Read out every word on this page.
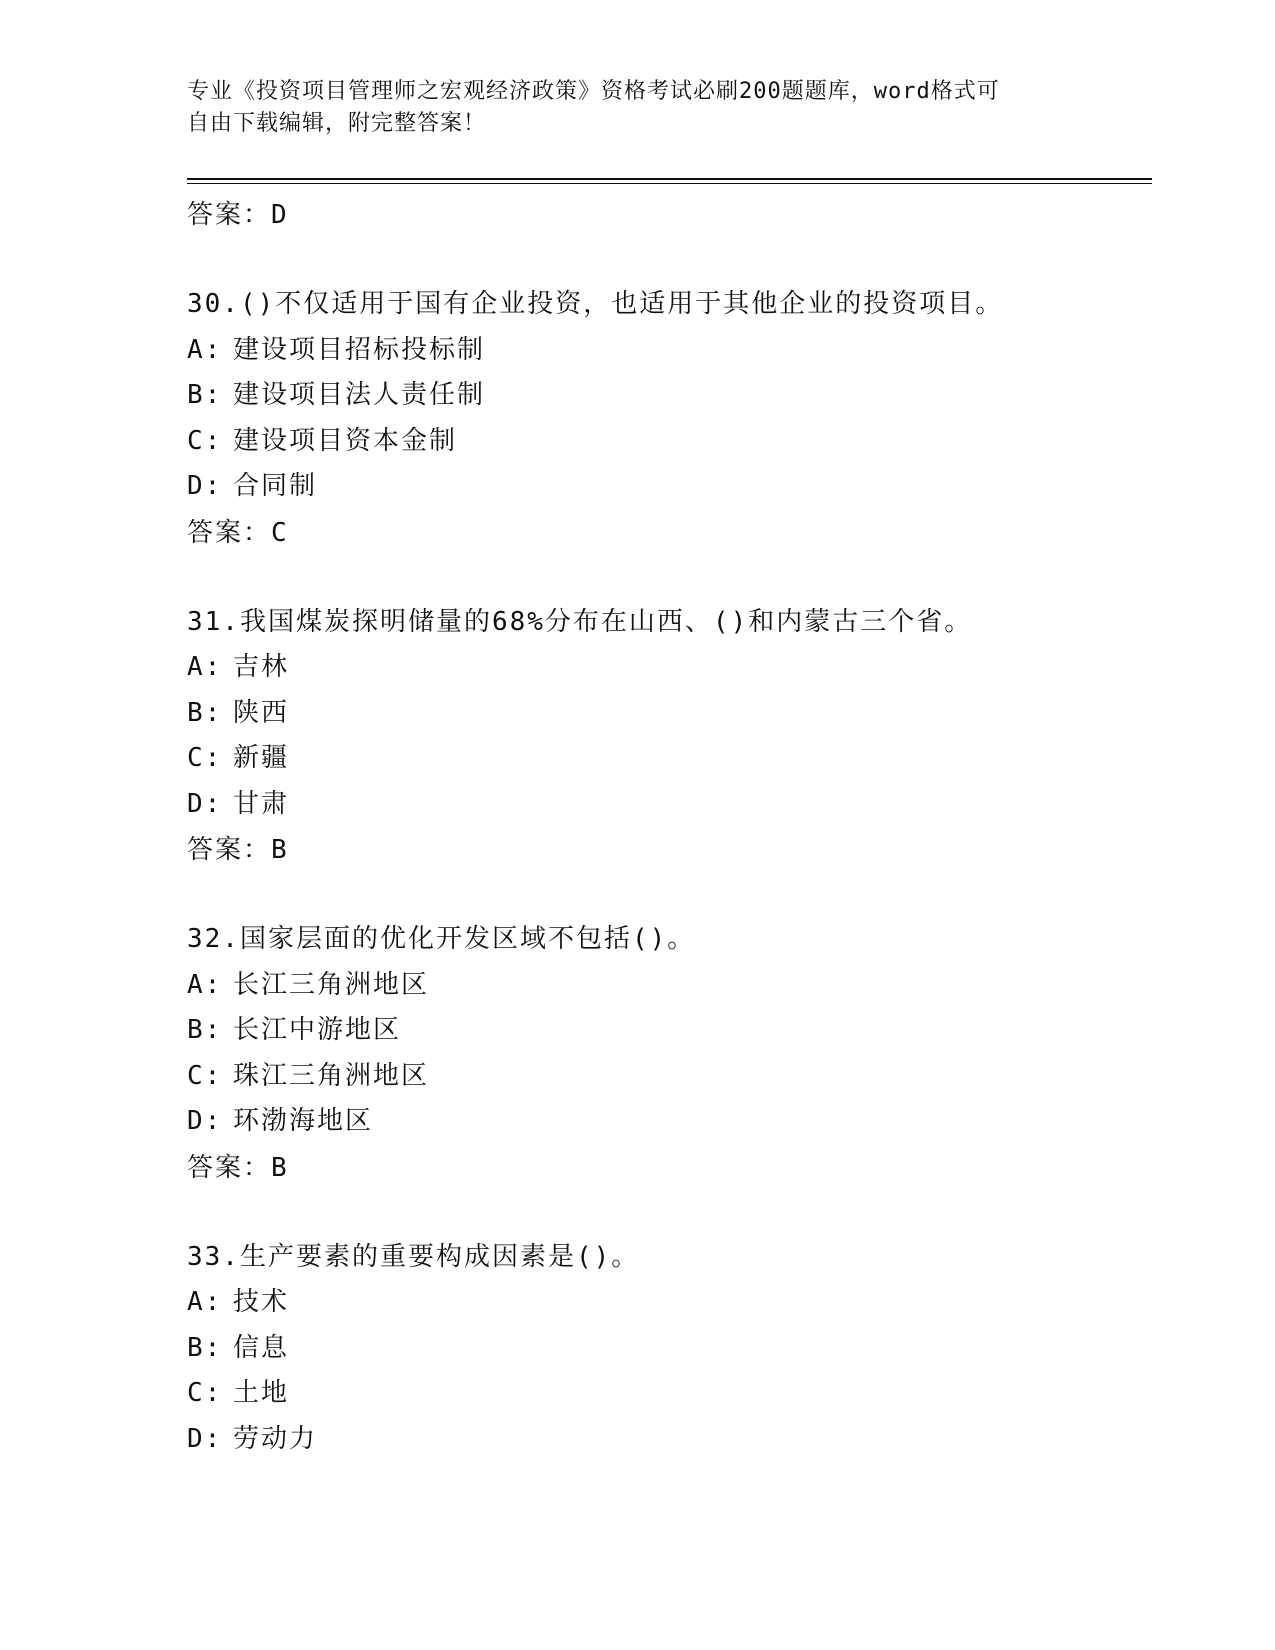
专业《投资项目管理师之宏观经济政策》资格考试必刷200题题库，word格式可
自由下载编辑，附完整答案！
答案：D
30.()不仅适用于国有企业投资，也适用于其他企业的投资项目。
A: 建设项目招标投标制
B: 建设项目法人责任制
C: 建设项目资本金制
D: 合同制
答案：C
31.我国煤炭探明储量的68%分布在山西、()和内蒙古三个省。
A: 吉林
B: 陕西
C: 新疆
D: 甘肃
答案：B
32.国家层面的优化开发区域不包括()。
A: 长江三角洲地区
B: 长江中游地区
C: 珠江三角洲地区
D: 环渤海地区
答案：B
33.生产要素的重要构成因素是()。
A: 技术
B: 信息
C: 土地
D: 劳动力
